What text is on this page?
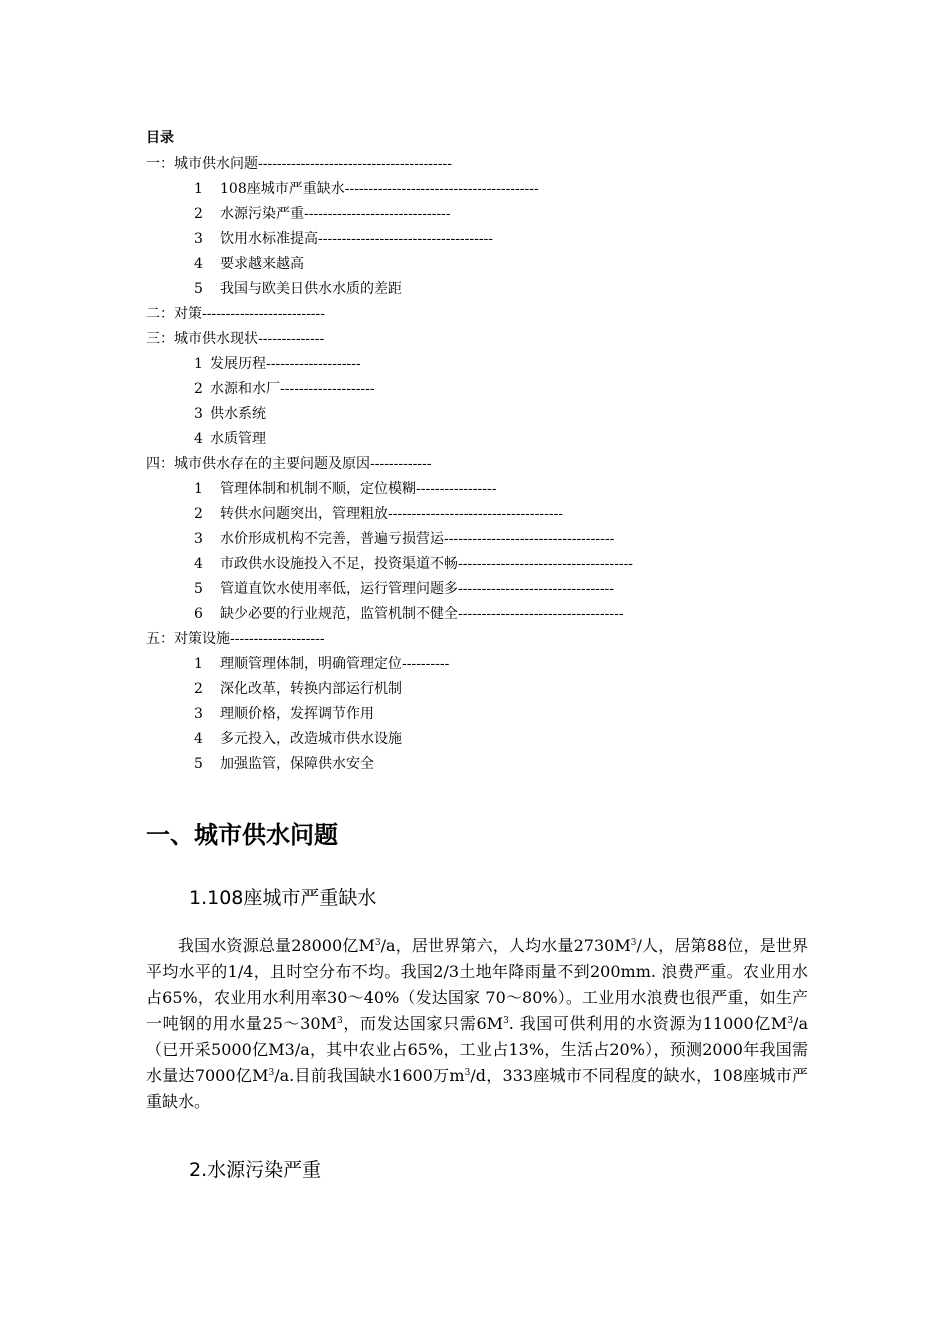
目录
一：城市供水问题-----------------------------------------
1 108座城市严重缺水-----------------------------------------
2 水源污染严重-------------------------------
3 饮用水标准提高-------------------------------------
4 要求越来越高
5 我国与欧美日供水水质的差距
二：对策--------------------------
三：城市供水现状--------------
1 发展历程--------------------
2 水源和水厂--------------------
3 供水系统
4 水质管理
四：城市供水存在的主要问题及原因-------------
1 管理体制和机制不顺，定位模糊-----------------
2 转供水问题突出，管理粗放-------------------------------------
3 水价形成机构不完善，普遍亏损营运------------------------------------
4 市政供水设施投入不足，投资渠道不畅-------------------------------------
5 管道直饮水使用率低，运行管理问题多---------------------------------
6 缺少必要的行业规范，监管机制不健全-----------------------------------
五：对策设施--------------------
1 理顺管理体制，明确管理定位----------
2 深化改革，转换内部运行机制
3 理顺价格，发挥调节作用
4 多元投入，改造城市供水设施
5 加强监管，保障供水安全
一、城市供水问题
1.108座城市严重缺水

我国水资源总量28000亿$M^3/a$，居世界第六，人均水量$2730M^3/$人，居第88位，是世界平均水平的1/4，且时空分布不均。我国2/3土地年降雨量不到200mm. 浪费严重。农业用水占65%，农业用水利用率30～40%（发达国家 70～80%）。工业用水浪费也很严重，如生产一吨钢的用水量$25\sim 30M^3$，而发达国家只需$6M^3$. 我国可供利用的水资源为11000亿$M^3/a$（已开采5000亿M3/a，其中农业占65%，工业占13%，生活占20%），预测2000年我国需水量达7000亿$M^3/a$.目前我国缺水1600万$m^3/d$，333座城市不同程度的缺水，108座城市严重缺水。

2.水源污染严重
